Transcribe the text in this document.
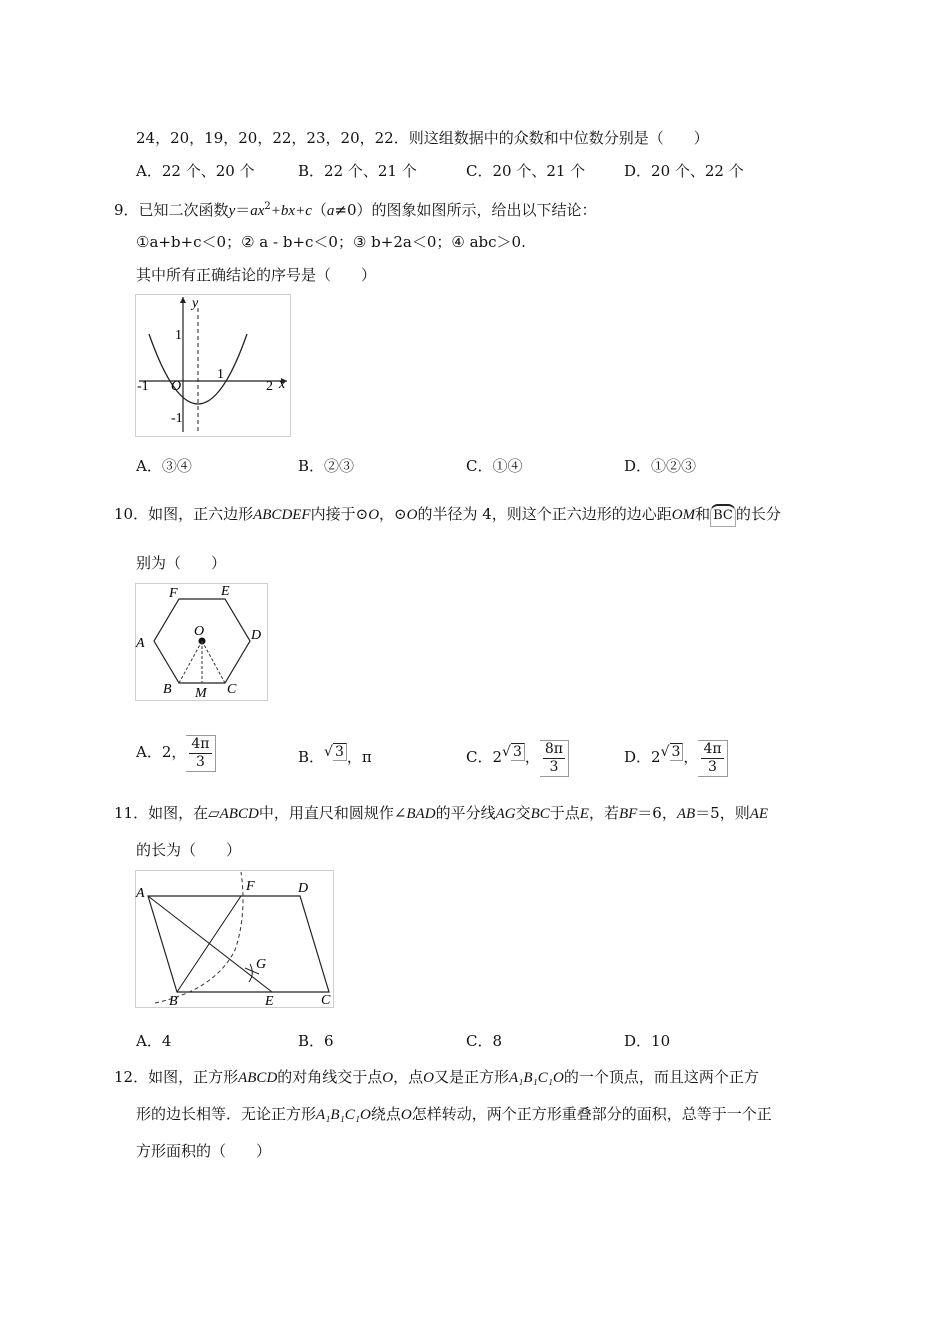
24，20，19，20，22，23，20，22．则这组数据中的众数和中位数分别是（　　）
A．22 个、20 个	B．22 个、21 个	C．20 个、21 个	D．20 个、22 个
9．已知二次函数$y=ax^2+bx+c(a\ne 0)$的图象如图所示，给出以下结论：
①a+b+c＜0；② a - b+c＜0；③ b+2a＜0；④ abc＞0.
其中所有正确结论的序号是（　　）
y
x
O
1
-1
-1
1
2
A．③④	B．②③	C．①④	D．①②③
10．如图，正六边形ABCDEF内接于⊙O，⊙O的半径为 4，则这个正六边形的边心距OM和 BC 的长分
别为（　　）
F	E
A
D
O
B M C
A．2， $\frac{4\pi}{3}$	B．√ 3 ，π	C．2√ 3 ， $\frac{8\pi}{3}$	D．2√ 3 ， $\frac{4\pi}{3}$
11．如图，在▱ABCD中，用直尺和圆规作∠BAD的平分线AG交BC于点E，若BF＝6，AB＝5，则AE
的长为（　　）
A	F	D
G
B	E	C
A．4	B．6	C．8	D．10
12．如图，正方形ABCD的对角线交于点O，点O又是正方形A₁B₁C₁O的一个顶点，而且这两个正方
形的边长相等．无论正方形A₁B₁C₁O绕点O怎样转动，两个正方形重叠部分的面积，总等于一个正
方形面积的（　　）
